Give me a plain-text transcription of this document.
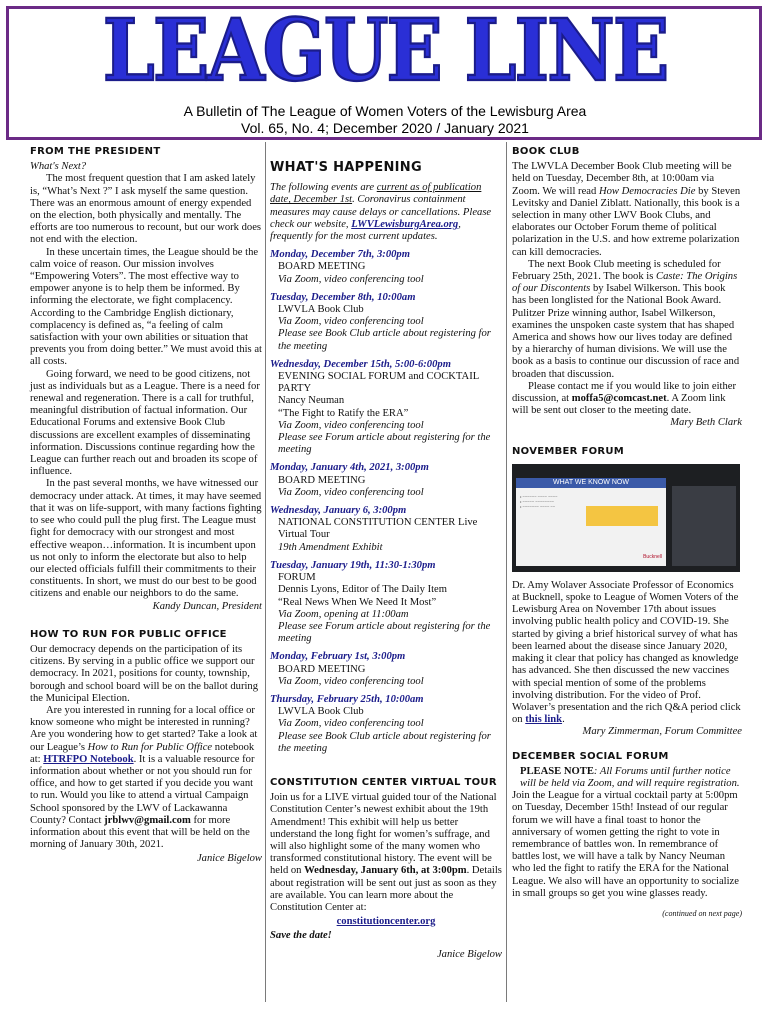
LEAGUE LINE
A Bulletin of The League of Women Voters of the Lewisburg Area
Vol. 65, No. 4; December 2020 / January 2021
FROM THE PRESIDENT

What's Next?

The most frequent question that I am asked lately is, “What’s Next ?” I ask myself the same question. There was an enormous amount of energy expended on the election, both physically and mentally. The efforts are too numerous to recount, but our work does not end with the election.

In these uncertain times, the League should be the calm voice of reason. Our mission involves “Empowering Voters”. The most effective way to empower anyone is to help them be informed. By informing the electorate, we fight complacency. According to the Cambridge English dictionary, complacency is defined as, “a feeling of calm satisfaction with your own abilities or situation that prevents you from doing better.” We must avoid this at all costs.

Going forward, we need to be good citizens, not just as individuals but as a League. There is a need for renewal and regeneration. There is a call for truthful, meaningful distribution of factual information. Our Educational Forums and extensive Book Club discussions are excellent examples of disseminating information. Discussions continue regarding how the League can further reach out and broaden its scope of influence.

In the past several months, we have witnessed our democracy under attack. At times, it may have seemed that it was on life-support, with many factions fighting to see who could pull the plug first. The League must fight for democracy with our strongest and most effective weapon…information. It is incumbent upon us not only to inform the electorate but also to help our elected officials fulfill their commitments to their constituents. In short, we must do our best to be good citizens and enable our neighbors to do the same.

Kandy Duncan, President

HOW TO RUN FOR PUBLIC OFFICE

Our democracy depends on the participation of its citizens. By serving in a public office we support our democracy. In 2021, positions for county, township, borough and school board will be on the ballot during the Municipal Election.

Are you interested in running for a local office or know someone who might be interested in running? Are you wondering how to get started? Take a look at our League’s How to Run for Public Office notebook at: HTRFPO Notebook. It is a valuable resource for information about whether or not you should run for office, and how to get started if you decide you want to run. Would you like to attend a virtual Campaign School sponsored by the LWV of Lackawanna County? Contact jrblwv@gmail.com for more information about this event that will be held on the morning of January 30th, 2021.

Janice Bigelow

WHAT'S HAPPENING

The following events are current as of publication date, December 1st. Coronavirus containment measures may cause delays or cancellations. Please check our website, LWVLewisburgArea.org, frequently for the most current updates.

Monday, December 7th, 3:00pm
BOARD MEETING
Via Zoom, video conferencing tool
Tuesday, December 8th, 10:00am
LWVLA Book Club
Via Zoom, video conferencing tool
Please see Book Club article about registering for the meeting
Wednesday, December 15th, 5:00-6:00pm
EVENING SOCIAL FORUM and COCKTAIL PARTY
Nancy Neuman
“The Fight to Ratify the ERA”
Via Zoom, video conferencing tool
Please see Forum article about registering for the meeting
Monday, January 4th, 2021, 3:00pm
BOARD MEETING
Via Zoom, video conferencing tool
Wednesday, January 6, 3:00pm
NATIONAL CONSTITUTION CENTER Live Virtual Tour
19th Amendment Exhibit
Tuesday, January 19th, 11:30-1:30pm
FORUM
Dennis Lyons, Editor of The Daily Item
“Real News When We Need It Most”
Via Zoom, opening at 11:00am
Please see Forum article about registering for the meeting
Monday, February 1st, 3:00pm
BOARD MEETING
Via Zoom, video conferencing tool
Thursday, February 25th, 10:00am
LWVLA Book Club
Via Zoom, video conferencing tool
Please see Book Club article about registering for the meeting
CONSTITUTION CENTER VIRTUAL TOUR

Join us for a LIVE virtual guided tour of the National Constitution Center’s newest exhibit about the 19th Amendment! This exhibit will help us better understand the long fight for women’s suffrage, and will also highlight some of the many women who transformed constitutional history. The event will be held on Wednesday, January 6th, at 3:00pm. Details about registration will be sent out just as soon as they are available. You can learn more about the Constitution Center at:

constitutioncenter.org

Save the date!

Janice Bigelow

BOOK CLUB

The LWVLA December Book Club meeting will be held on Tuesday, December 8th, at 10:00am via Zoom. We will read How Democracies Die by Steven Levitsky and Daniel Ziblatt. Nationally, this book is a selection in many other LWV Book Clubs, and elaborates our October Forum theme of political polarization in the U.S. and how extreme polarization can kill democracies.

The next Book Club meeting is scheduled for February 25th, 2021. The book is Caste: The Origins of our Discontents by Isabel Wilkerson. This book has been longlisted for the National Book Award. Pulitzer Prize winning author, Isabel Wilkerson, examines the unspoken caste system that has shaped America and shows how our lives today are defined by a hierarchy of human divisions. We will use the book as a basis to continue our discussion of race and broaden that discussion.

Please contact me if you would like to join either discussion, at moffa5@comcast.net. A Zoom link will be sent out closer to the meeting date.

Mary Beth Clark

NOVEMBER FORUM
WHAT WE KNOW NOW
• ~~~~~~ ~~~~ ~~~~
• ~~~~~ ~~~~~~~~
• ~~~~~~~ ~~~~ ~~
Bucknell

Dr. Amy Wolaver Associate Professor of Economics at Bucknell, spoke to League of Women Voters of the Lewisburg Area on November 17th about issues involving public health policy and COVID-19. She started by giving a brief historical survey of what has been learned about the disease since January 2020, making it clear that policy has changed as knowledge has advanced. She then discussed the new vaccines with special mention of some of the problems involving distribution. For the video of Prof. Wolaver’s presentation and the rich Q&A period click on this link.

Mary Zimmerman, Forum Committee

DECEMBER SOCIAL FORUM

PLEASE NOTE: All Forums until further notice will be held via Zoom, and will require registration.

Join the League for a virtual cocktail party at 5:00pm on Tuesday, December 15th! Instead of our regular forum we will have a final toast to honor the anniversary of women getting the right to vote in remembrance of battles won. In remembrance of battles lost, we will have a talk by Nancy Neuman who led the fight to ratify the ERA for the National League. We also will have an opportunity to socialize in small groups so get you wine glasses ready.

(continued on next page)
